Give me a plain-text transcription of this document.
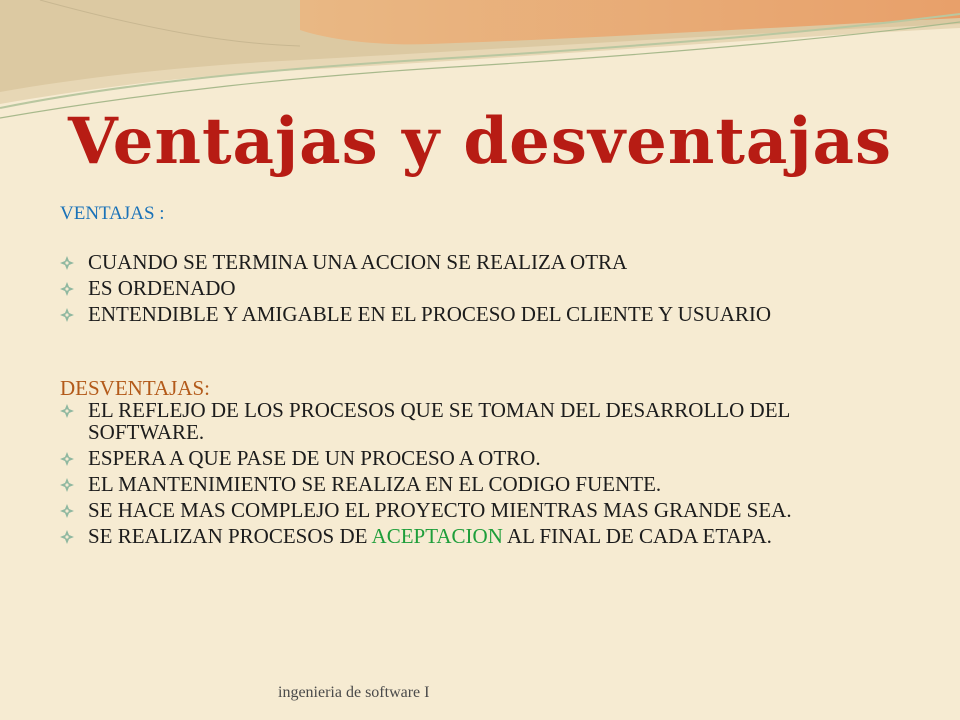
Ventajas y desventajas

VENTAJAS :

CUANDO SE TERMINA UNA ACCION SE REALIZA OTRA
ES ORDENADO
ENTENDIBLE Y AMIGABLE EN EL PROCESO DEL CLIENTE Y USUARIO

DESVENTAJAS:

EL REFLEJO DE LOS PROCESOS QUE SE TOMAN DEL DESARROLLO DEL SOFTWARE.
ESPERA A QUE PASE DE UN PROCESO A OTRO.
EL MANTENIMIENTO SE REALIZA EN EL CODIGO FUENTE.
SE HACE MAS COMPLEJO EL PROYECTO MIENTRAS MAS GRANDE SEA.
SE REALIZAN PROCESOS DE ACEPTACION AL FINAL DE CADA ETAPA.
ingenieria de software I
